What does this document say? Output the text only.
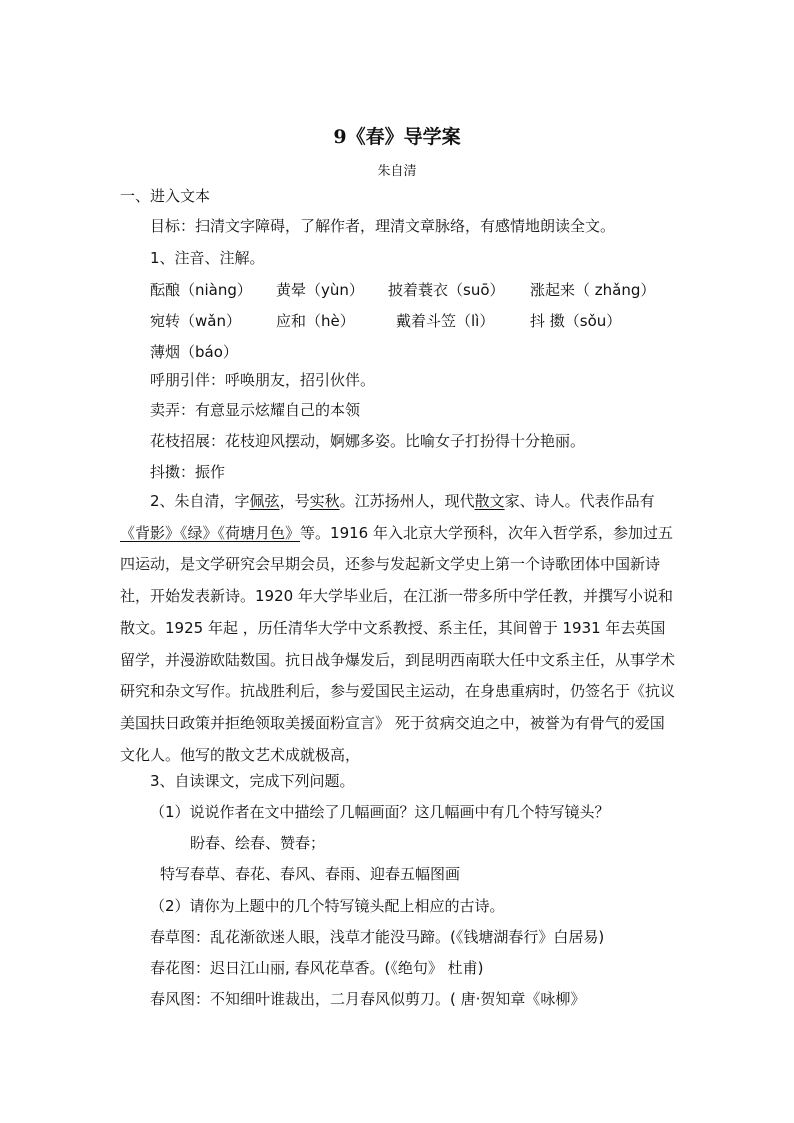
9《春》导学案
朱自清
一、进入文本
目标：扫清文字障碍，了解作者，理清文章脉络，有感情地朗读全文。
1、注音、注解。
酝酿（niàng） 黄晕（yùn） 披着蓑衣（suō） 涨起来（ zhǎng）
宛转（wǎn） 应和（hè）	戴着斗笠（lì） 抖 擞（sǒu）
薄烟（báo）
呼朋引伴：呼唤朋友，招引伙伴。
卖弄：有意显示炫耀自己的本领
花枝招展：花枝迎风摆动，婀娜多姿。比喻女子打扮得十分艳丽。
抖擞：振作

2、朱自清，字佩弦，号实秋。江苏扬州人，现代散文家、诗人。代表作品有《背影》《绿》《荷塘月色》等。1916 年入北京大学预科，次年入哲学系，参加过五四运动，是文学研究会早期会员，还参与发起新文学史上第一个诗歌团体中国新诗社，开始发表新诗。1920 年大学毕业后，在江浙一带多所中学任教，并撰写小说和散文。1925 年起 ，历任清华大学中文系教授、系主任，其间曾于 1931 年去英国留学，并漫游欧陆数国。抗日战争爆发后，到昆明西南联大任中文系主任，从事学术研究和杂文写作。抗战胜利后，参与爱国民主运动，在身患重病时，仍签名于《抗议美国扶日政策并拒绝领取美援面粉宣言》 死于贫病交迫之中，被誉为有骨气的爱国文化人。他写的散文艺术成就极高，

3、自读课文，完成下列问题。
（1）说说作者在文中描绘了几幅画面？这几幅画中有几个特写镜头？
盼春、绘春、赞春；
特写春草、春花、春风、春雨、迎春五幅图画
（2）请你为上题中的几个特写镜头配上相应的古诗。
春草图：乱花渐欲迷人眼，浅草才能没马蹄。(《钱塘湖春行》白居易)
春花图：迟日江山丽, 春风花草香。(《绝句》 杜甫)
春风图：不知细叶谁裁出，二月春风似剪刀。( 唐·贺知章《咏柳》
